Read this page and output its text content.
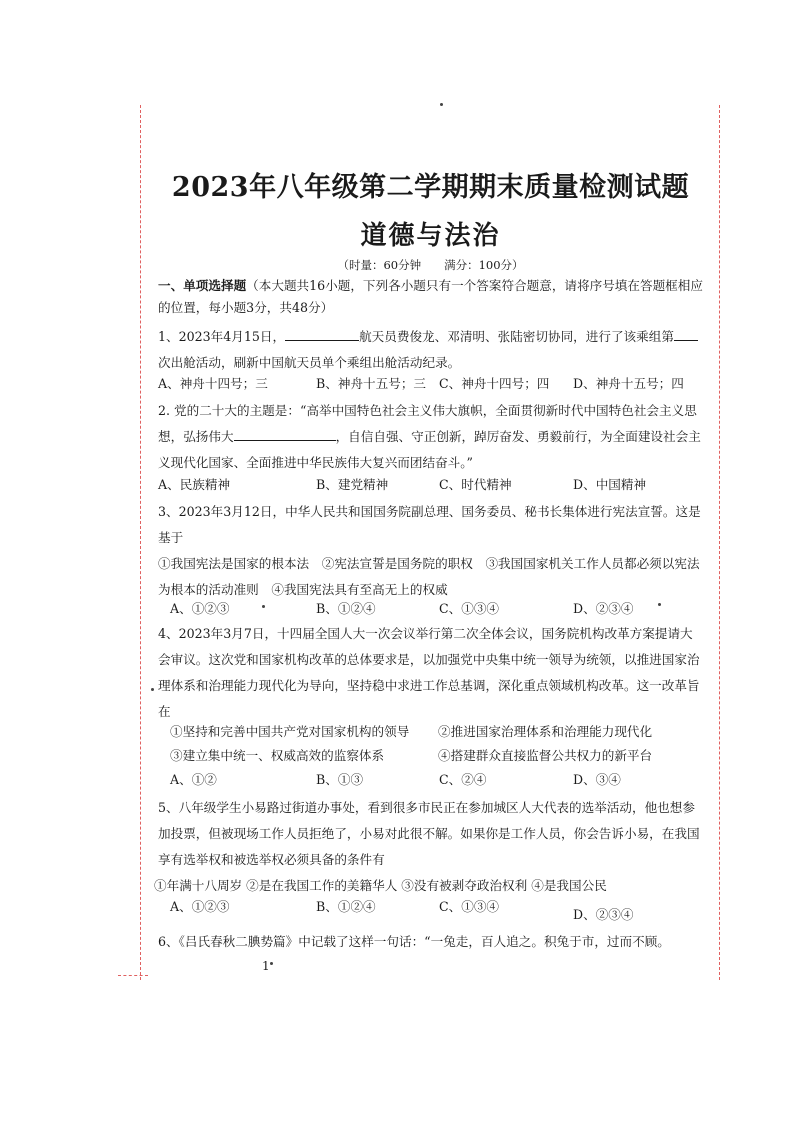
2023年八年级第二学期期末质量检测试题
道德与法治
（时量：60分钟　　满分：100分）
一、单项选择题（本大题共16小题，下列各小题只有一个答案符合题意，请将序号填在答题框相应的位置，每小题3分，共48分）
1、2023年4月15日，	航天员费俊龙、邓清明、张陆密切协同，进行了该乘组第次出舱活动，刷新中国航天员单个乘组出舱活动纪录。
A、神舟十四号；三	B、神舟十五号；三 C、神舟十四号；四 D、神舟十五号；四
2. 党的二十大的主题是：“高举中国特色社会主义伟大旗帜，全面贯彻新时代中国特色社会主义思想，弘扬伟大	，自信自强、守正创新，踔厉奋发、勇毅前行，为全面建设社会主义现代化国家、全面推进中华民族伟大复兴而团结奋斗。”
A、民族精神	B、建党精神	C、时代精神	D、中国精神
3、2023年3月12日，中华人民共和国国务院副总理、国务委员、秘书长集体进行宪法宣誓。这是基于
①我国宪法是国家的根本法　②宪法宣誓是国务院的职权　③我国国家机关工作人员都必须以宪法为根本的活动准则　④我国宪法具有至高无上的权威
A、①②③	B、①②④	C、①③④	D、②③④
4、2023年3月7日，十四届全国人大一次会议举行第二次全体会议，国务院机构改革方案提请大会审议。这次党和国家机构改革的总体要求是，以加强党中央集中统一领导为统领，以推进国家治理体系和治理能力现代化为导向，坚持稳中求进工作总基调，深化重点领域机构改革。这一改革旨在
①坚持和完善中国共产党对国家机构的领导 ②推进国家治理体系和治理能力现代化
③建立集中统一、权威高效的监察体系	④搭建群众直接监督公共权力的新平台
A、①②	B、①③	C、②④	D、③④
5、八年级学生小易路过街道办事处，看到很多市民正在参加城区人大代表的选举活动，他也想参加投票，但被现场工作人员拒绝了，小易对此很不解。如果你是工作人员，你会告诉小易，在我国享有选举权和被选举权必须具备的条件有
①年满十八周岁 ②是在我国工作的美籍华人 ③没有被剥夺政治权利 ④是我国公民
A、①②③	B、①②④	C、①③④
D、②③④
6、《吕氏春秋二腆势篇》中记载了这样一句话：“一兔走，百人追之。积兔于市，过而不顾。
1
